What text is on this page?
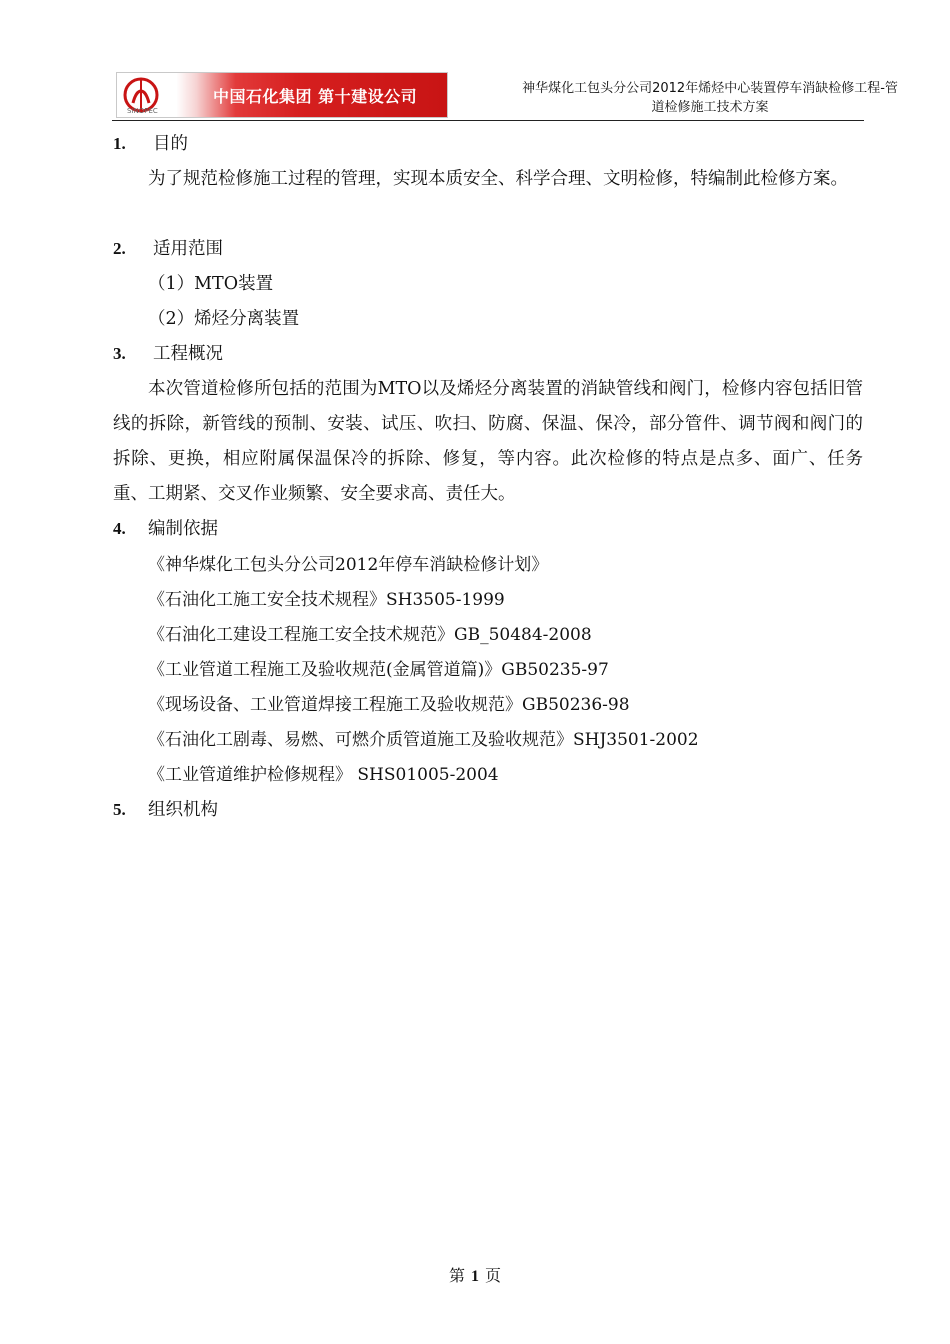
SINOPEC
中国石化集团 第十建设公司	神华煤化工包头分公司2012年烯烃中心装置停车消缺检修工程-管道检修施工技术方案
1. 目的
为了规范检修施工过程的管理，实现本质安全、科学合理、文明检修，特编制此检修方案。
2. 适用范围
（1）MTO装置
（2）烯烃分离装置
3. 工程概况
本次管道检修所包括的范围为MTO以及烯烃分离装置的消缺管线和阀门，检修内容包括旧管线的拆除，新管线的预制、安装、试压、吹扫、防腐、保温、保冷，部分管件、调节阀和阀门的拆除、更换，相应附属保温保冷的拆除、修复，等内容。此次检修的特点是点多、面广、任务重、工期紧、交叉作业频繁、安全要求高、责任大。
4. 编制依据
《神华煤化工包头分公司2012年停车消缺检修计划》
《石油化工施工安全技术规程》SH3505-1999
《石油化工建设工程施工安全技术规范》GB_50484-2008
《工业管道工程施工及验收规范(金属管道篇)》GB50235-97
《现场设备、工业管道焊接工程施工及验收规范》GB50236-98
《石油化工剧毒、易燃、可燃介质管道施工及验收规范》SHJ3501-2002
《工业管道维护检修规程》 SHS01005-2004
5. 组织机构
第 1 页
